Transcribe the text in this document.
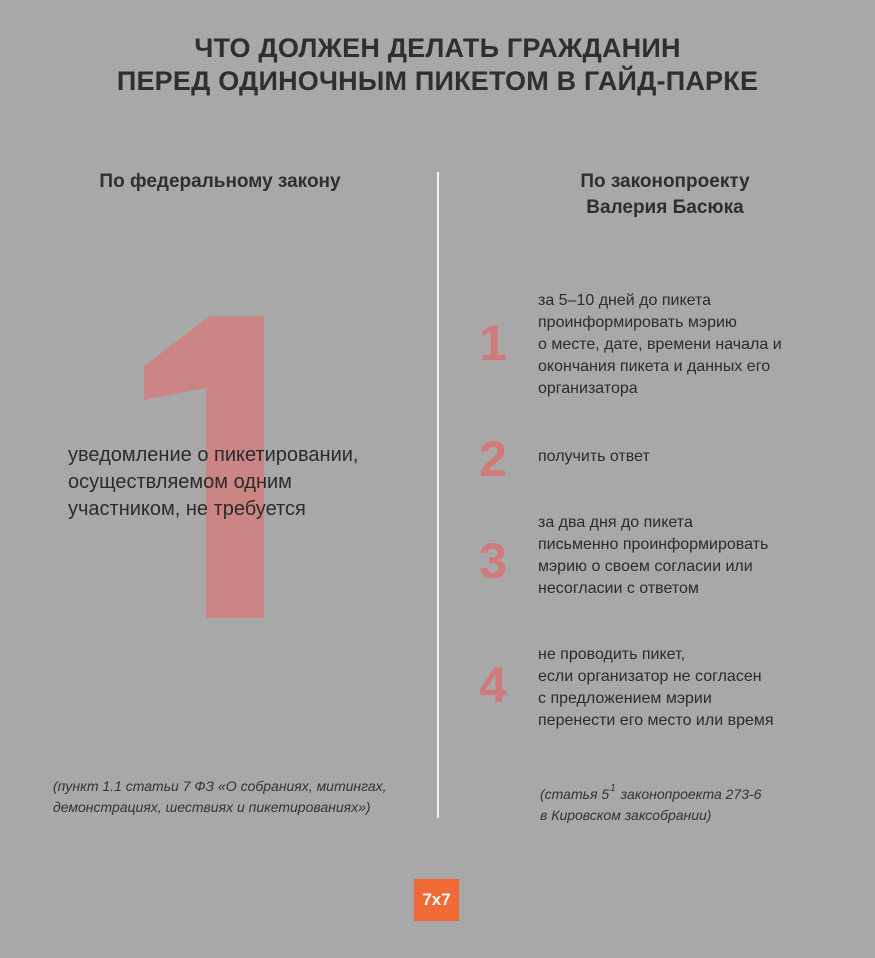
ЧТО ДОЛЖЕН ДЕЛАТЬ ГРАЖДАНИН
ПЕРЕД ОДИНОЧНЫМ ПИКЕТОМ В ГАЙД-ПАРКЕ
По федеральному закону
уведомление о пикетировании,
осуществляемом одним
участником, не требуется
(пункт 1.1 статьи 7 ФЗ «О собраниях, митингах,
демонстрациях, шествиях и пикетированиях»)
По законопроекту
Валерия Басюка
1
за 5–10 дней до пикета
проинформировать мэрию
о месте, дате, времени начала и
окончания пикета и данных его
организатора
2	получить ответ
3
за два дня до пикета
письменно проинформировать
мэрию о своем согласии или
несогласии с ответом
4
не проводить пикет,
если организатор не согласен
с предложением мэрии
перенести его место или время
(статья $5^1$ законопроекта 273-6
в Кировском заксобрании)
7x7
